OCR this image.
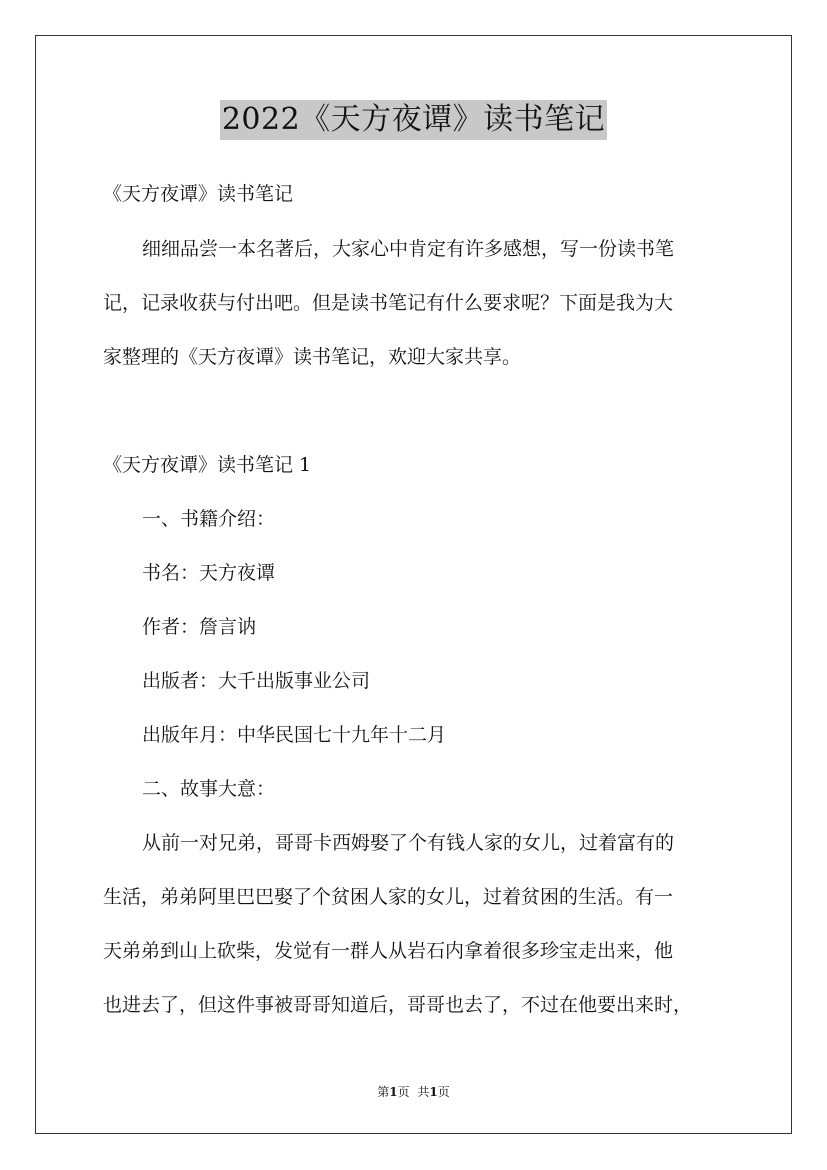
2022《天方夜谭》读书笔记

《天方夜谭》读书笔记

细细品尝一本名著后，大家心中肯定有许多感想，写一份读书笔

记，记录收获与付出吧。但是读书笔记有什么要求呢？下面是我为大

家整理的《天方夜谭》读书笔记，欢迎大家共享。

《天方夜谭》读书笔记 1

一、书籍介绍：

书名：天方夜谭

作者：詹言讷

出版者：大千出版事业公司

出版年月：中华民国七十九年十二月

二、故事大意：

从前一对兄弟，哥哥卡西姆娶了个有钱人家的女儿，过着富有的

生活，弟弟阿里巴巴娶了个贫困人家的女儿，过着贫困的生活。有一

天弟弟到山上砍柴，发觉有一群人从岩石内拿着很多珍宝走出来，他

也进去了，但这件事被哥哥知道后，哥哥也去了，不过在他要出来时，

第1页 共1页
